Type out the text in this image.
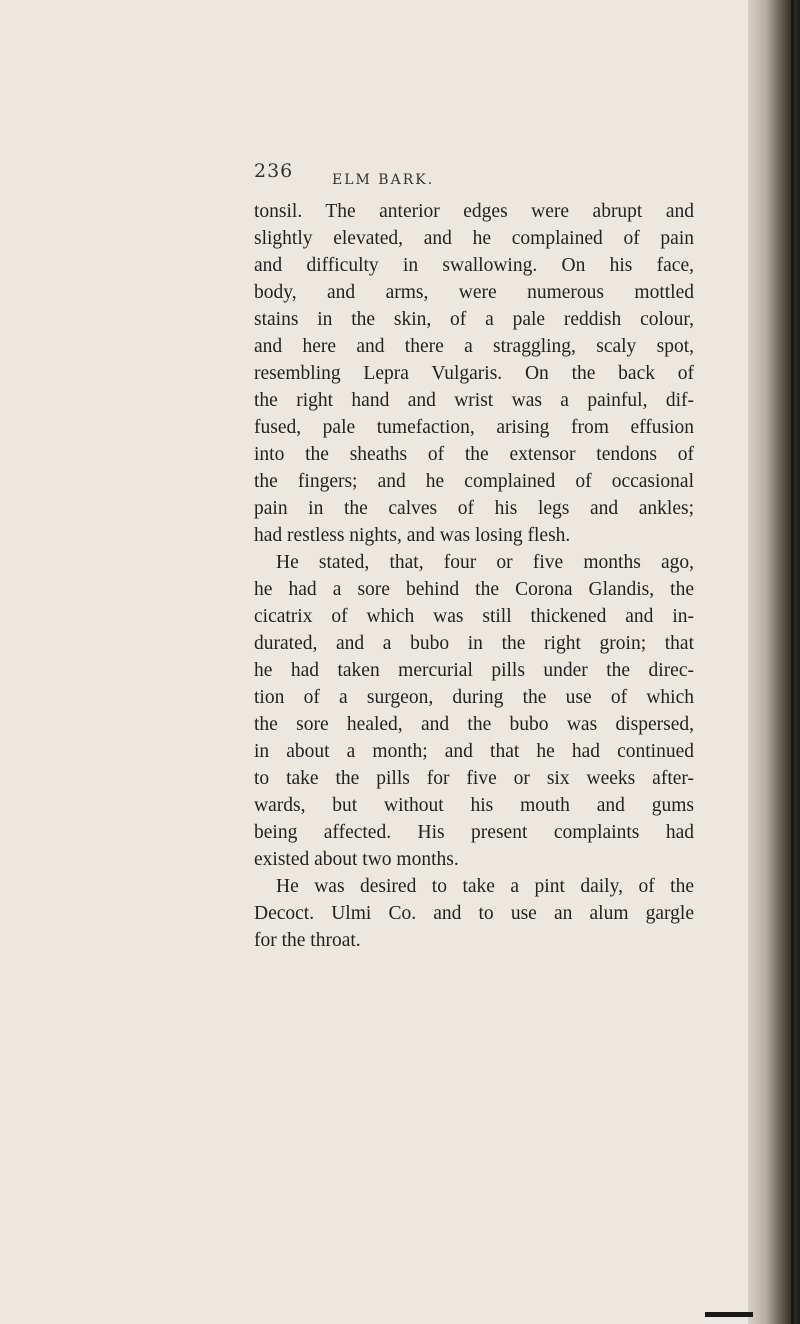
236	ELM BARK.

tonsil. The anterior edges were abrupt and
slightly elevated, and he complained of pain
and difficulty in swallowing. On his face,
body, and arms, were numerous mottled
stains in the skin, of a pale reddish colour,
and here and there a straggling, scaly spot,
resembling Lepra Vulgaris. On the back of
the right hand and wrist was a painful, dif-
fused, pale tumefaction, arising from effusion
into the sheaths of the extensor tendons of
the fingers; and he complained of occasional
pain in the calves of his legs and ankles;
had restless nights, and was losing flesh.

He stated, that, four or five months ago,
he had a sore behind the Corona Glandis, the
cicatrix of which was still thickened and in-
durated, and a bubo in the right groin; that
he had taken mercurial pills under the direc-
tion of a surgeon, during the use of which
the sore healed, and the bubo was dispersed,
in about a month; and that he had continued
to take the pills for five or six weeks after-
wards, but without his mouth and gums
being affected. His present complaints had
existed about two months.

He was desired to take a pint daily, of the
Decoct. Ulmi Co. and to use an alum gargle
for the throat.
